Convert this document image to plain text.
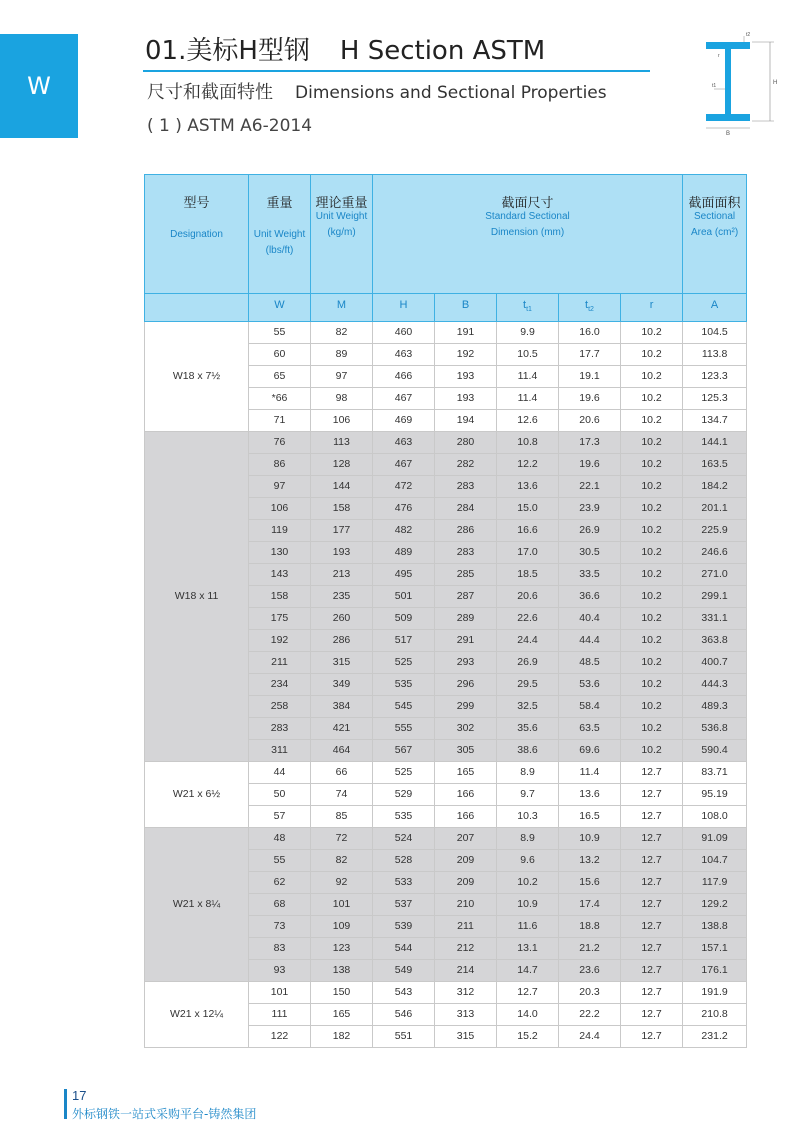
W
01.美标H型钢 H Section ASTM
尺寸和截面特性 Dimensions and Sectional Properties
( 1 ) ASTM A6-2014
H
B
t2
t1
r
型号
Designation	重量
Unit Weight (lbs/ft)	理论重量
Unit Weight (kg/m)	截面尺寸
Standard Sectional Dimension (mm)					截面面积
Sectional Area (cm²)

	W	M	H	B	$t_{t1}$	$t_{t2}$	r	A
W18 x 7½	55	82	460	191	9.9	16.0	10.2	104.5
	60	89	463	192	10.5	17.7	10.2	113.8
	65	97	466	193	11.4	19.1	10.2	123.3
	*66	98	467	193	11.4	19.6	10.2	125.3
	71	106	469	194	12.6	20.6	10.2	134.7
W18 x 11	76	113	463	280	10.8	17.3	10.2	144.1
	86	128	467	282	12.2	19.6	10.2	163.5
	97	144	472	283	13.6	22.1	10.2	184.2
	106	158	476	284	15.0	23.9	10.2	201.1
	119	177	482	286	16.6	26.9	10.2	225.9
	130	193	489	283	17.0	30.5	10.2	246.6
	143	213	495	285	18.5	33.5	10.2	271.0
	158	235	501	287	20.6	36.6	10.2	299.1
	175	260	509	289	22.6	40.4	10.2	331.1
	192	286	517	291	24.4	44.4	10.2	363.8
	211	315	525	293	26.9	48.5	10.2	400.7
	234	349	535	296	29.5	53.6	10.2	444.3
	258	384	545	299	32.5	58.4	10.2	489.3
	283	421	555	302	35.6	63.5	10.2	536.8
	311	464	567	305	38.6	69.6	10.2	590.4
W21 x 6½	44	66	525	165	8.9	11.4	12.7	83.71
	50	74	529	166	9.7	13.6	12.7	95.19
	57	85	535	166	10.3	16.5	12.7	108.0
W21 x 8¼	48	72	524	207	8.9	10.9	12.7	91.09
	55	82	528	209	9.6	13.2	12.7	104.7
	62	92	533	209	10.2	15.6	12.7	117.9
	68	101	537	210	10.9	17.4	12.7	129.2
	73	109	539	211	11.6	18.8	12.7	138.8
	83	123	544	212	13.1	21.2	12.7	157.1
	93	138	549	214	14.7	23.6	12.7	176.1
W21 x 12¼	101	150	543	312	12.7	20.3	12.7	191.9
	111	165	546	313	14.0	22.2	12.7	210.8
	122	182	551	315	15.2	24.4	12.7	231.2
17
外标钢铁一站式采购平台-铸然集团
